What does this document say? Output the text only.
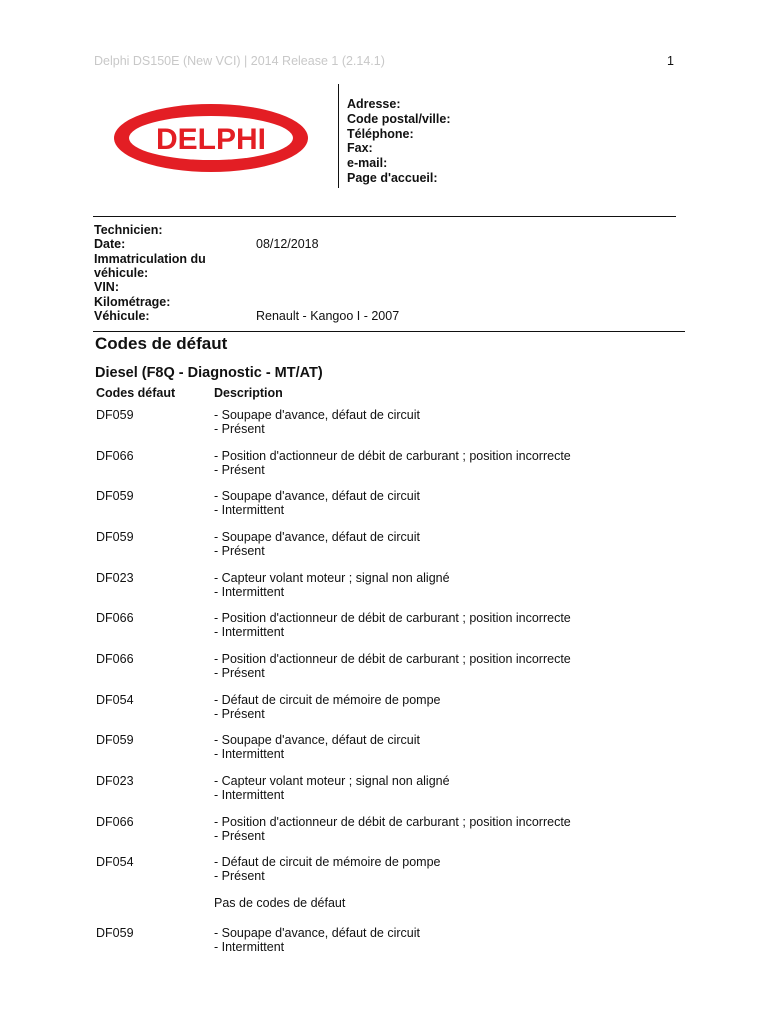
Delphi DS150E (New VCI) | 2014 Release 1 (2.14.1)	1
DELPHI
Adresse:
Code postal/ville:
Téléphone:
Fax:
e-mail:
Page d'accueil:
Technicien:
Date:	08/12/2018
Immatriculation du
véhicule:
VIN:
Kilométrage:
Véhicule:	Renault - Kangoo I - 2007
Codes de défaut
Diesel (F8Q - Diagnostic - MT/AT)
Codes défaut	Description
DF059	- Soupape d'avance, défaut de circuit
- Présent
DF066	- Position d'actionneur de débit de carburant ; position incorrecte
- Présent
DF059	- Soupape d'avance, défaut de circuit
- Intermittent
DF059	- Soupape d'avance, défaut de circuit
- Présent
DF023	- Capteur volant moteur ; signal non aligné
- Intermittent
DF066	- Position d'actionneur de débit de carburant ; position incorrecte
- Intermittent
DF066	- Position d'actionneur de débit de carburant ; position incorrecte
- Présent
DF054	- Défaut de circuit de mémoire de pompe
- Présent
DF059	- Soupape d'avance, défaut de circuit
- Intermittent
DF023	- Capteur volant moteur ; signal non aligné
- Intermittent
DF066	- Position d'actionneur de débit de carburant ; position incorrecte
- Présent
DF054	- Défaut de circuit de mémoire de pompe
- Présent
Pas de codes de défaut
DF059	- Soupape d'avance, défaut de circuit
- Intermittent
